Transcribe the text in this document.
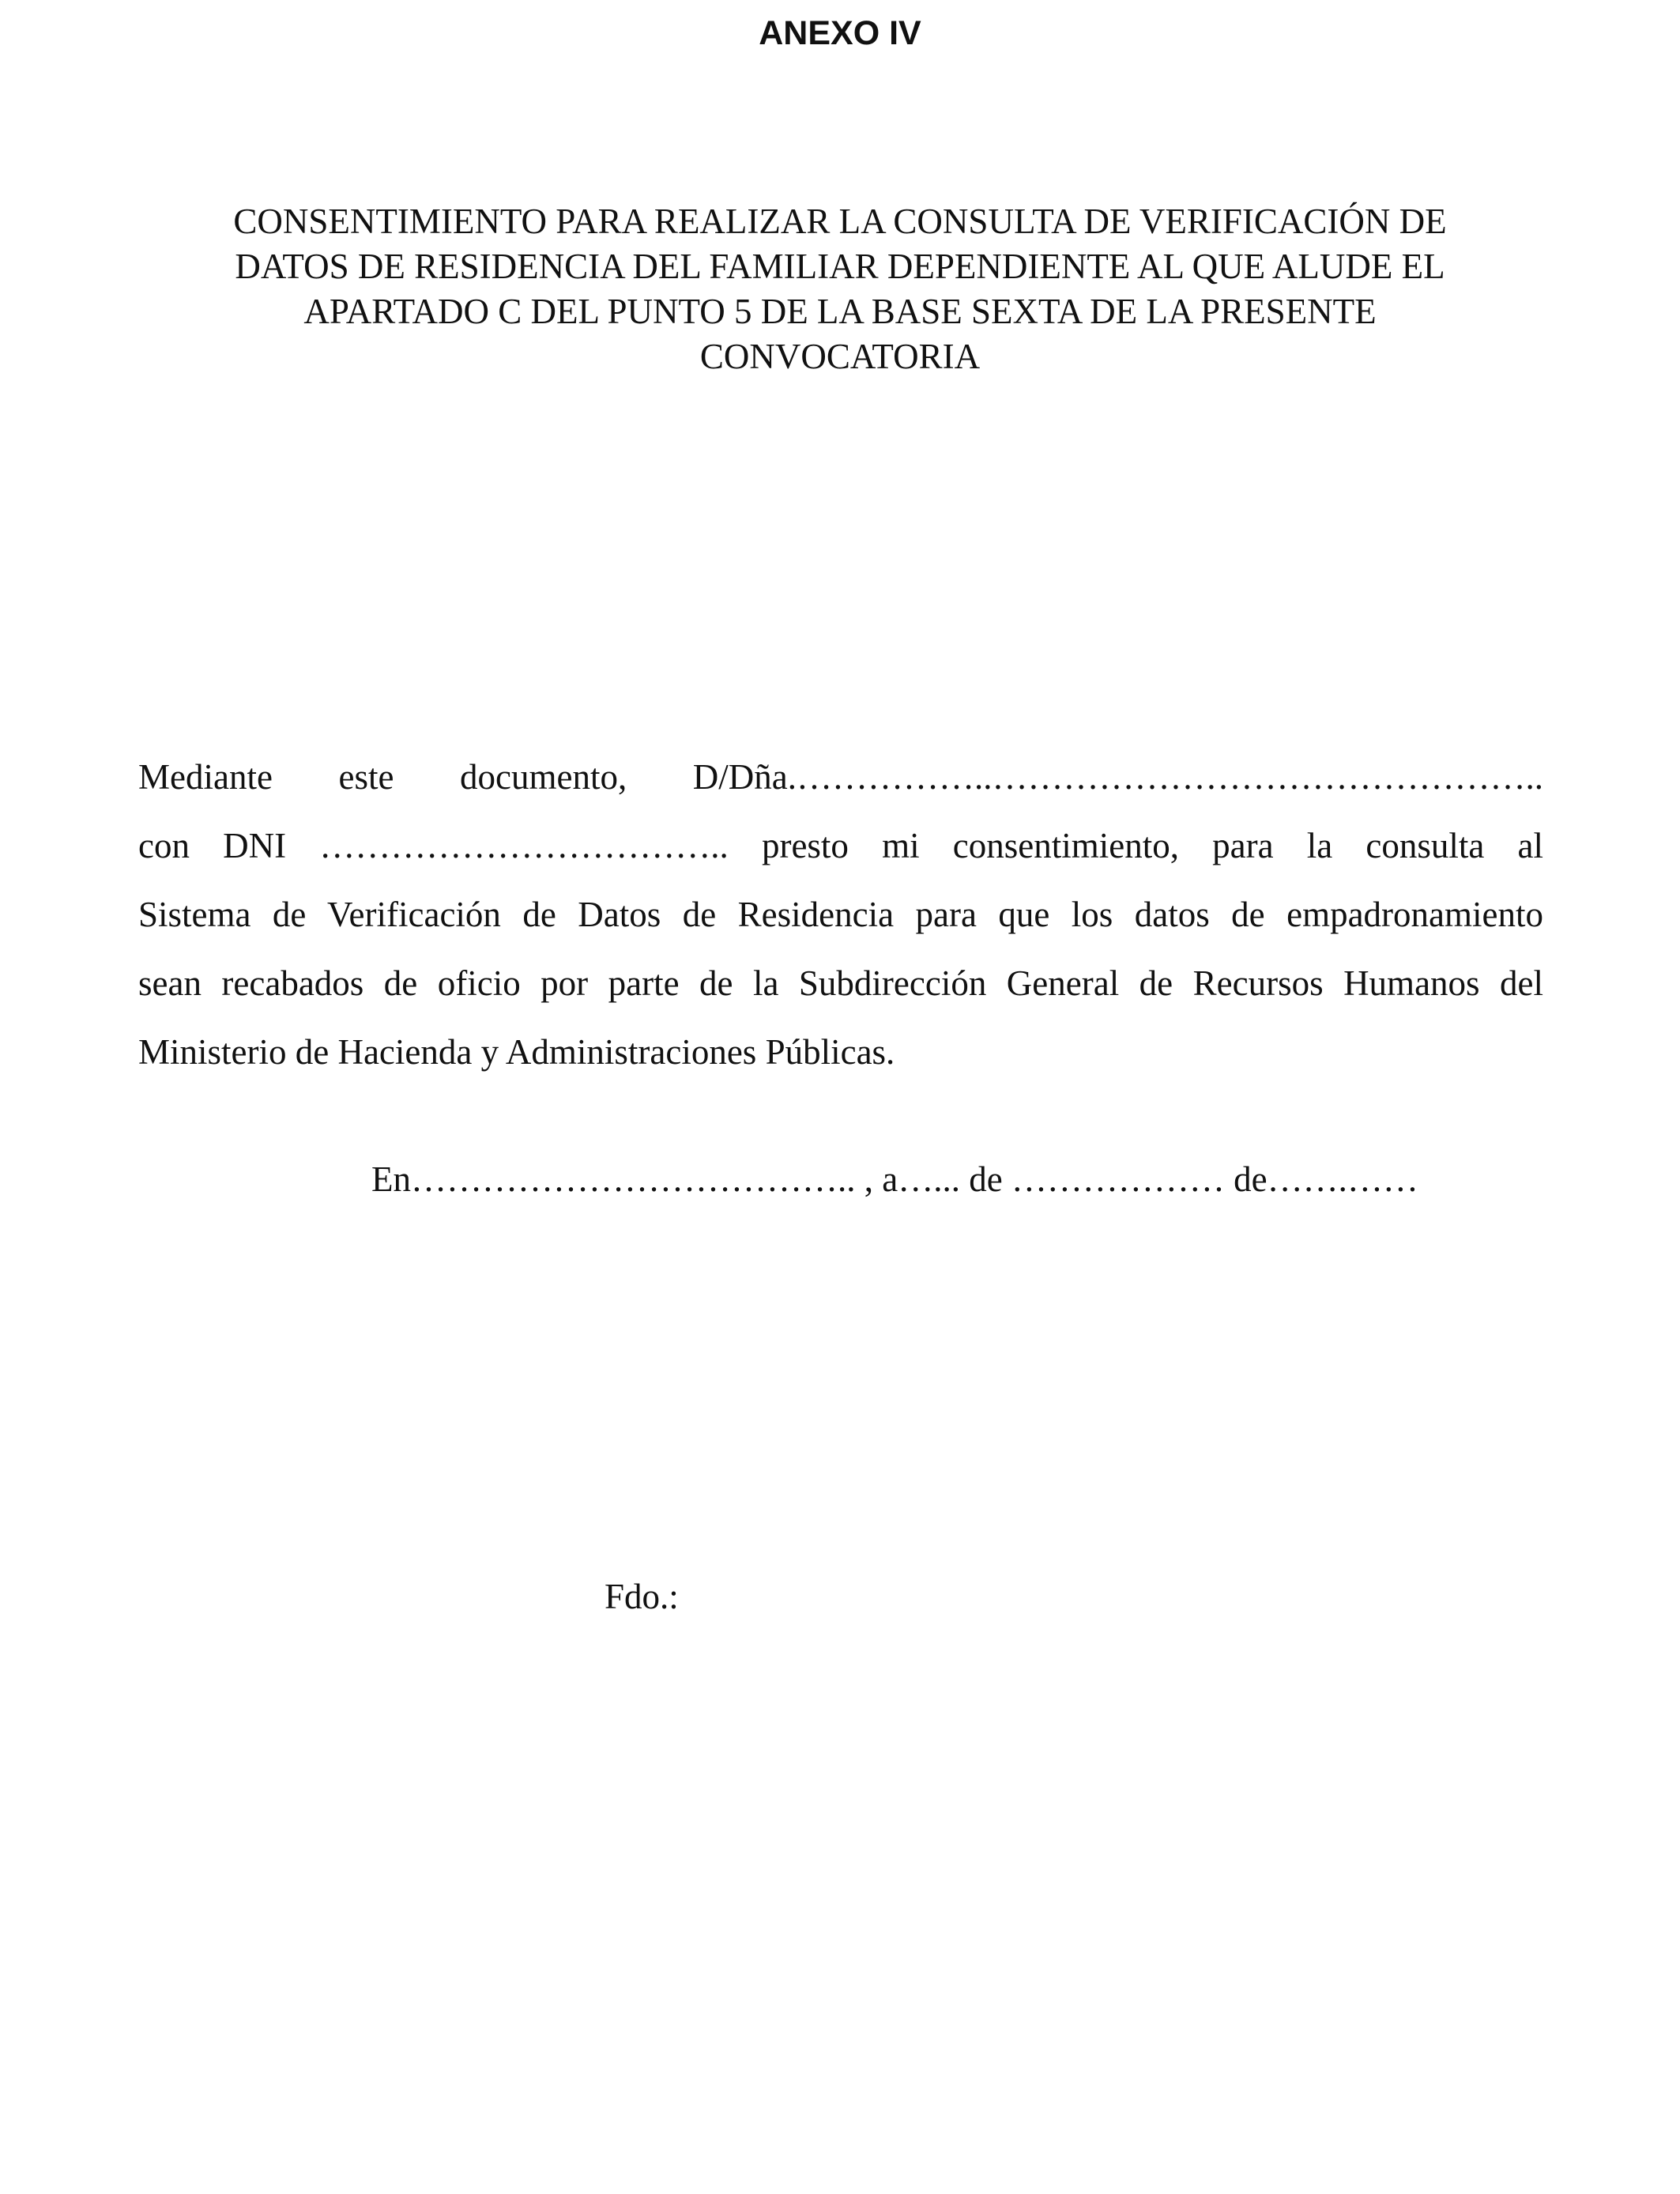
ANEXO IV
CONSENTIMIENTO PARA REALIZAR LA CONSULTA DE VERIFICACIÓN DE
DATOS DE RESIDENCIA DEL FAMILIAR DEPENDIENTE AL QUE ALUDE EL
APARTADO C DEL PUNTO 5 DE LA BASE SEXTA DE LA PRESENTE
CONVOCATORIA

Mediante este documento, D/Dña.……………..………………………………………..
con DNI …………………………….. presto mi consentimiento, para la consulta al
Sistema de Verificación de Datos de Residencia para que los datos de empadronamiento
sean recabados de oficio por parte de la Subdirección General de Recursos Humanos del
Ministerio de Hacienda y Administraciones Públicas.

En……………………………….. , a…... de ……………… de…….……

Fdo.:
